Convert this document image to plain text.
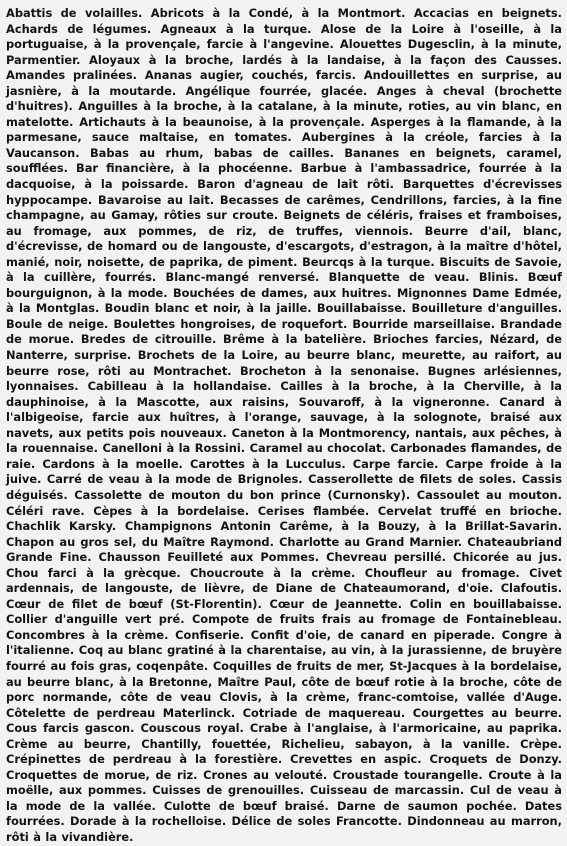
Abattis de volailles. Abricots à la Condé, à la Montmort. Accacias en beignets. Achards de légumes. Agneaux à la turque. Alose de la Loire à l'oseille, à la portuguaise, à la provençale, farcie à l'angevine. Alouettes Dugesclin, à la minute, Parmentier. Aloyaux à la broche, lardés à la landaise, à la façon des Causses. Amandes pralinées. Ananas augier, couchés, farcis. Andouillettes en surprise, au jasnière, à la moutarde. Angélique fourrée, glacée. Anges à cheval (brochette d'huitres). Anguilles à la broche, à la catalane, à la minute, roties, au vin blanc, en matelotte. Artichauts à la beaunoise, à la provençale. Asperges à la flamande, à la parmesane, sauce maltaise, en tomates. Aubergines à la créole, farcies à la Vaucanson. Babas au rhum, babas de cailles. Bananes en beignets, caramel, soufflées. Bar financière, à la phocéenne. Barbue à l'ambassadrice, fourrée à la dacquoise, à la poissarde. Baron d'agneau de lait rôti. Barquettes d'écrevisses hyppocampe. Bavaroise au lait. Becasses de carêmes, Cendrillons, farcies, à la fine champagne, au Gamay, rôties sur croute. Beignets de céléris, fraises et framboises, au fromage, aux pommes, de riz, de truffes, viennois. Beurre d'ail, blanc, d'écrevisse, de homard ou de langouste, d'escargots, d'estragon, à la maître d'hôtel, manié, noir, noisette, de paprika, de piment. Beurcqs à la turque. Biscuits de Savoie, à la cuillère, fourrés. Blanc-mangé renversé. Blanquette de veau. Blinis. Bœuf bourguignon, à la mode. Bouchées de dames, aux huitres. Mignonnes Dame Edmée, à la Montglas. Boudin blanc et noir, à la jaille. Bouillabaisse. Bouilleture d'anguilles. Boule de neige. Boulettes hongroises, de roquefort. Bourride marseillaise. Brandade de morue. Bredes de citrouille. Brême à la batelière. Brioches farcies, Nézard, de Nanterre, surprise. Brochets de la Loire, au beurre blanc, meurette, au raifort, au beurre rose, rôti au Montrachet. Brocheton à la senonaise. Bugnes arlésiennes, lyonnaises. Cabilleau à la hollandaise. Cailles à la broche, à la Cherville, à la dauphinoise, à la Mascotte, aux raisins, Souvaroff, à la vigneronne. Canard à l'albigeoise, farcie aux huîtres, à l'orange, sauvage, à la solognote, braisé aux navets, aux petits pois nouveaux. Caneton à la Montmorency, nantais, aux pêches, à la rouennaise. Canelloni à la Rossini. Caramel au chocolat. Carbonades flamandes, de raie. Cardons à la moelle. Carottes à la Lucculus. Carpe farcie. Carpe froide à la juive. Carré de veau à la mode de Brignoles. Casserollette de filets de soles. Cassis déguisés. Cassolette de mouton du bon prince (Curnonsky). Cassoulet au mouton. Céléri rave. Cèpes à la bordelaise. Cerises flambée. Cervelat truffé en brioche. Chachlik Karsky. Champignons Antonin Carême, à la Bouzy, à la Brillat-Savarin. Chapon au gros sel, du Maître Raymond. Charlotte au Grand Marnier. Chateaubriand Grande Fine. Chausson Feuilleté aux Pommes. Chevreau persillé. Chicorée au jus. Chou farci à la grècque. Choucroute à la crème. Choufleur au fromage. Civet ardennais, de langouste, de lièvre, de Diane de Chateaumorand, d'oie. Clafoutis. Cœur de filet de bœuf (St-Florentin). Cœur de Jeannette. Colin en bouillabaisse. Collier d'anguille vert pré. Compote de fruits frais au fromage de Fontainebleau. Concombres à la crème. Confiserie. Confit d'oie, de canard en piperade. Congre à l'italienne. Coq au blanc gratiné à la charentaise, au vin, à la jurassienne, de bruyère fourré au fois gras, coqenpâte. Coquilles de fruits de mer, St-Jacques à la bordelaise, au beurre blanc, à la Bretonne, Maître Paul, côte de bœuf rotie à la broche, côte de porc normande, côte de veau Clovis, à la crème, franc-comtoise, vallée d'Auge. Côtelette de perdreau Materlinck. Cotriade de maquereau. Courgettes au beurre. Cous farcis gascon. Couscous royal. Crabe à l'anglaise, à l'armoricaine, au paprika. Crème au beurre, Chantilly, fouettée, Richelieu, sabayon, à la vanille. Crèpe. Crépinettes de perdreau à la forestière. Crevettes en aspic. Croquets de Donzy. Croquettes de morue, de riz. Crones au velouté. Croustade tourangelle. Croute à la moëlle, aux pommes. Cuisses de grenouilles. Cuisseau de marcassin. Cul de veau à la mode de la vallée. Culotte de bœuf braisé. Darne de saumon pochée. Dates fourrées. Dorade à la rochelloise. Délice de soles Francotte. Dindonneau au marron, rôti à la vivandière.
